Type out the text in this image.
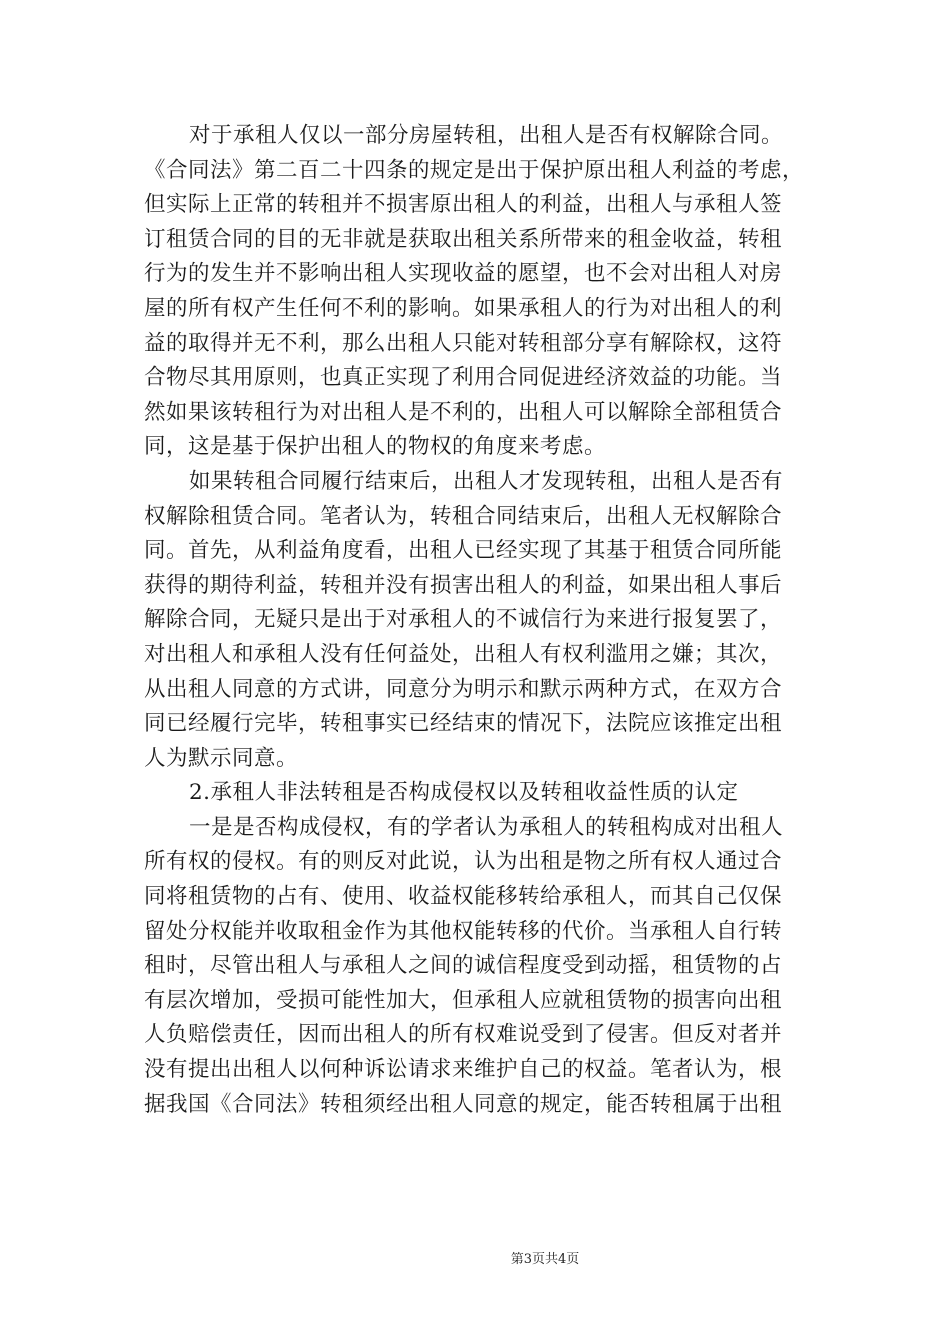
对于承租人仅以一部分房屋转租，出租人是否有权解除合同。
《合同法》第二百二十四条的规定是出于保护原出租人利益的考虑，
但实际上正常的转租并不损害原出租人的利益，出租人与承租人签
订租赁合同的目的无非就是获取出租关系所带来的租金收益，转租
行为的发生并不影响出租人实现收益的愿望，也不会对出租人对房
屋的所有权产生任何不利的影响。如果承租人的行为对出租人的利
益的取得并无不利，那么出租人只能对转租部分享有解除权，这符
合物尽其用原则，也真正实现了利用合同促进经济效益的功能。当
然如果该转租行为对出租人是不利的，出租人可以解除全部租赁合
同，这是基于保护出租人的物权的角度来考虑。

如果转租合同履行结束后，出租人才发现转租，出租人是否有
权解除租赁合同。笔者认为，转租合同结束后，出租人无权解除合
同。首先，从利益角度看，出租人已经实现了其基于租赁合同所能
获得的期待利益，转租并没有损害出租人的利益，如果出租人事后
解除合同，无疑只是出于对承租人的不诚信行为来进行报复罢了，
对出租人和承租人没有任何益处，出租人有权利滥用之嫌；其次，
从出租人同意的方式讲，同意分为明示和默示两种方式，在双方合
同已经履行完毕，转租事实已经结束的情况下，法院应该推定出租
人为默示同意。

2.承租人非法转租是否构成侵权以及转租收益性质的认定

一是是否构成侵权，有的学者认为承租人的转租构成对出租人
所有权的侵权。有的则反对此说，认为出租是物之所有权人通过合
同将租赁物的占有、使用、收益权能移转给承租人，而其自己仅保
留处分权能并收取租金作为其他权能转移的代价。当承租人自行转
租时，尽管出租人与承租人之间的诚信程度受到动摇，租赁物的占
有层次增加，受损可能性加大，但承租人应就租赁物的损害向出租
人负赔偿责任，因而出租人的所有权难说受到了侵害。但反对者并
没有提出出租人以何种诉讼请求来维护自己的权益。笔者认为，根
据我国《合同法》转租须经出租人同意的规定，能否转租属于出租

第3页共4页
